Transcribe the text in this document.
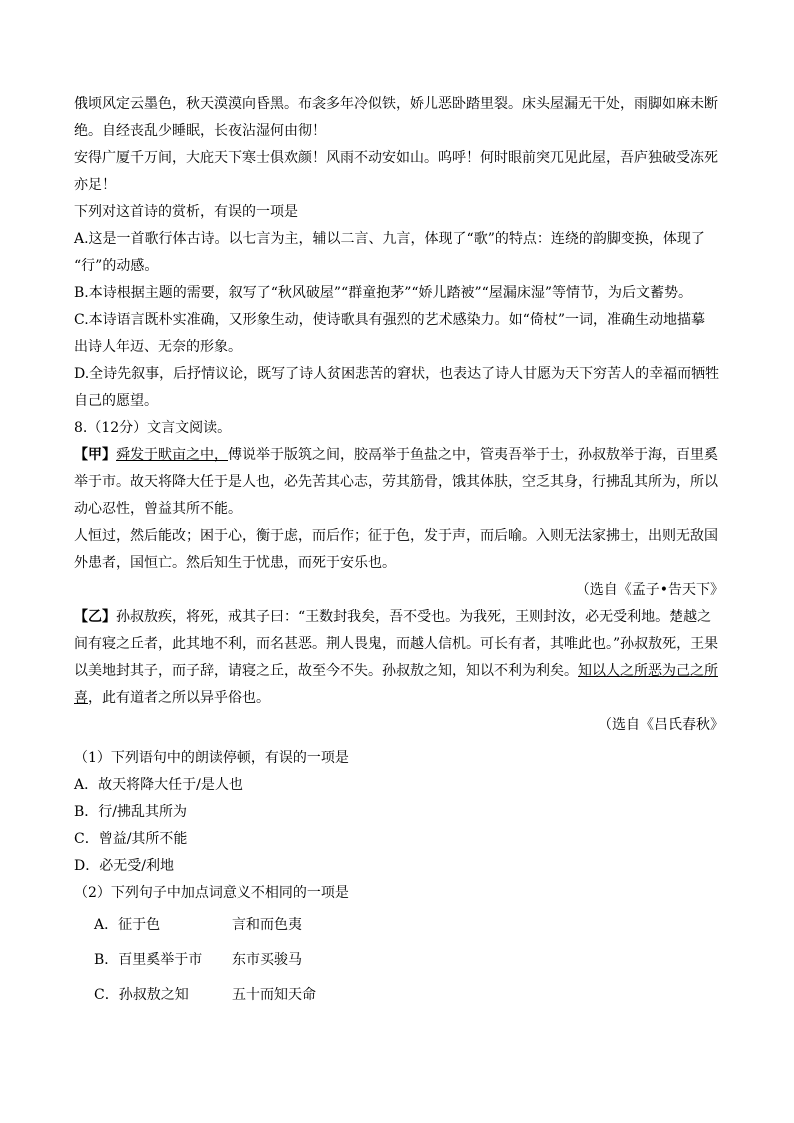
俄顷风定云墨色，秋天漠漠向昏黑。布衾多年冷似铁，娇儿恶卧踏里裂。床头屋漏无干处，雨脚如麻未断
绝。自经丧乱少睡眠，长夜沾湿何由彻！
安得广厦千万间，大庇天下寒士俱欢颜！风雨不动安如山。呜呼！何时眼前突兀见此屋，吾庐独破受冻死
亦足！
下列对这首诗的赏析，有误的一项是
A.这是一首歌行体古诗。以七言为主，辅以二言、九言，体现了“歌”的特点：连绕的韵脚变换，体现了
“行”的动感。
B.本诗根据主题的需要，叙写了“秋风破屋”“群童抱茅”“娇儿踏被”“屋漏床湿”等情节，为后文蓄势。
C.本诗语言既朴实准确，又形象生动，使诗歌具有强烈的艺术感染力。如“倚杖”一词，准确生动地描摹
出诗人年迈、无奈的形象。
D.全诗先叙事，后抒情议论，既写了诗人贫困悲苦的窘状，也表达了诗人甘愿为天下穷苦人的幸福而牺牲
自己的愿望。
8.（12分）文言文阅读。
【甲】舜发于畎亩之中，傅说举于版筑之间，胶鬲举于鱼盐之中，管夷吾举于士，孙叔敖举于海，百里奚
举于市。故天将降大任于是人也，必先苦其心志，劳其筋骨，饿其体肤，空乏其身，行拂乱其所为，所以
动心忍性，曾益其所不能。
人恒过，然后能改；困于心，衡于虑，而后作；征于色，发于声，而后喻。入则无法家拂士，出则无敌国
外患者，国恒亡。然后知生于忧患，而死于安乐也。
（选自《孟子•告天下》
【乙】孙叔敖疾，将死，戒其子曰：“王数封我矣，吾不受也。为我死，王则封汝，必无受利地。楚越之
间有寝之丘者，此其地不利，而名甚恶。荆人畏鬼，而越人信机。可长有者，其唯此也。”孙叔敖死，王果
以美地封其子，而子辞，请寝之丘，故至今不失。孙叔敖之知，知以不利为利矣。知以人之所恶为己之所
喜，此有道者之所以异乎俗也。
（选自《吕氏春秋》
（1）下列语句中的朗读停顿，有误的一项是
A．故天将降大任于/是人也
B．行/拂乱其所为
C．曾益/其所不能
D．必无受/利地
（2）下列句子中加点词意义不相同的一项是
A．征于色	言和而色夷
B．百里奚举于市 东市买骏马
C．孙叔敖之知	五十而知天命
